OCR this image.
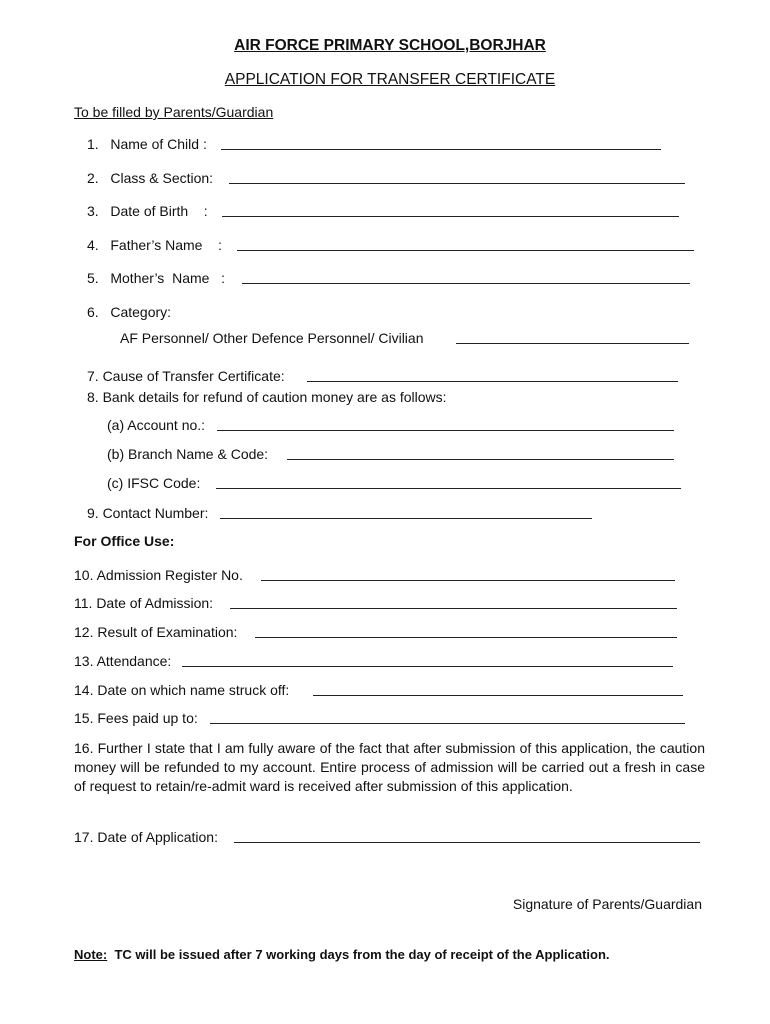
AIR FORCE PRIMARY SCHOOL,BORJHAR
APPLICATION FOR TRANSFER CERTIFICATE
To be filled by Parents/Guardian
1. Name of Child :
2. Class & Section:
3. Date of Birth    :
4. Father’s Name    :
5. Mother’s  Name   :
6. Category:
AF Personnel/ Other Defence Personnel/ Civilian
7. Cause of Transfer Certificate:
8. Bank details for refund of caution money are as follows:
(a) Account no.:
(b) Branch Name & Code:
(c) IFSC Code:
9. Contact Number:
For Office Use:
10. Admission Register No.
11. Date of Admission:
12. Result of Examination:
13. Attendance:
14. Date on which name struck off:
15. Fees paid up to:
16. Further I state that I am fully aware of the fact that after submission of this application, the caution money will be refunded to my account. Entire process of admission will be carried out a fresh in case of request to retain/re-admit ward is received after submission of this application.
17. Date of Application:
Signature of Parents/Guardian
Note: TC will be issued after 7 working days from the day of receipt of the Application.
